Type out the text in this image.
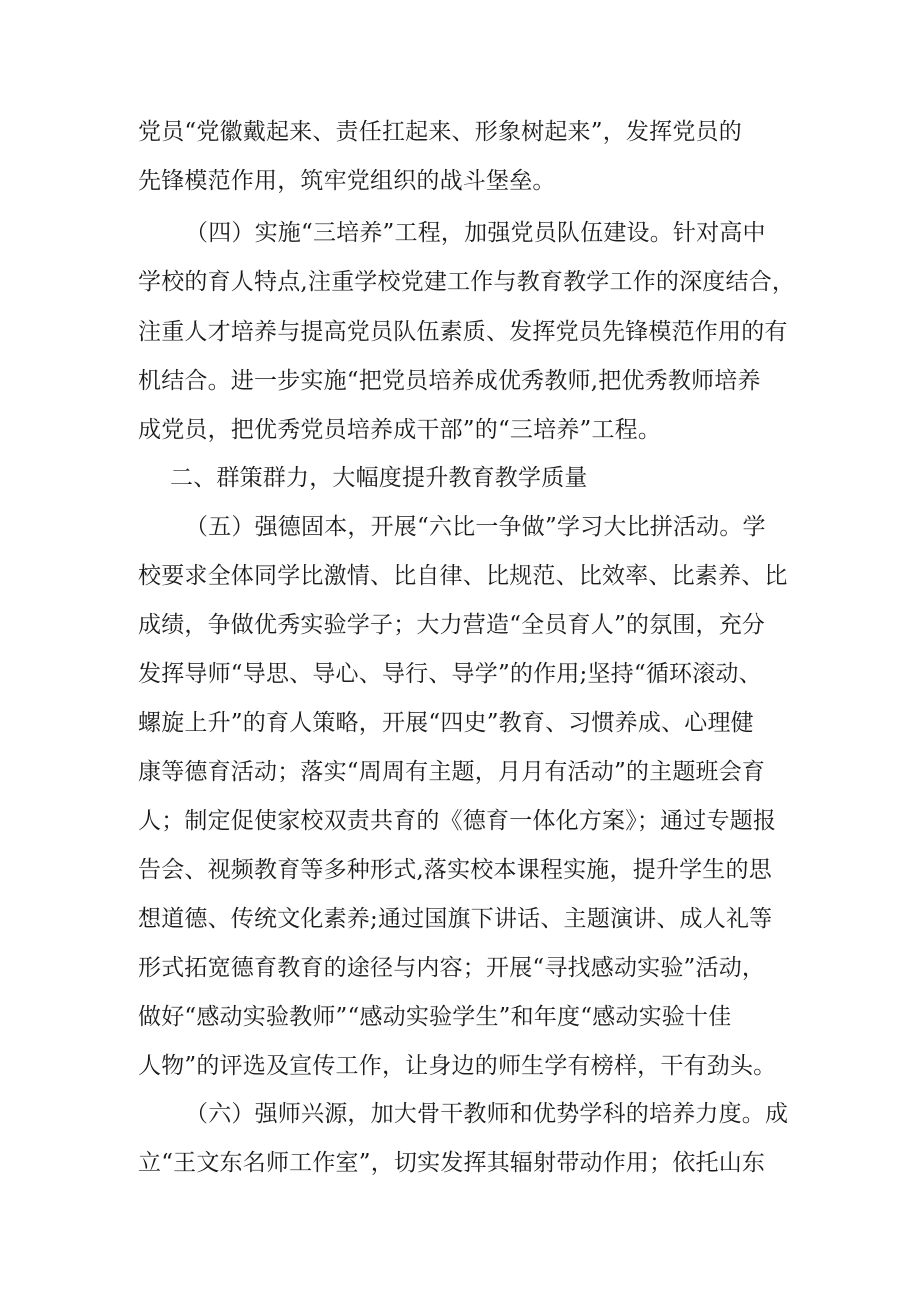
党员“党徽戴起来、责任扛起来、形象树起来”，发挥党员的

先锋模范作用，筑牢党组织的战斗堡垒。

（四）实施“三培养”工程，加强党员队伍建设。针对高中

学校的育人特点,注重学校党建工作与教育教学工作的深度结合，

注重人才培养与提高党员队伍素质、发挥党员先锋模范作用的有

机结合。进一步实施“把党员培养成优秀教师,把优秀教师培养

成党员，把优秀党员培养成干部”的“三培养”工程。

二、群策群力，大幅度提升教育教学质量

（五）强德固本，开展“六比一争做”学习大比拼活动。学

校要求全体同学比激情、比自律、比规范、比效率、比素养、比

成绩，争做优秀实验学子；大力营造“全员育人”的氛围，充分

发挥导师“导思、导心、导行、导学”的作用;坚持“循环滚动、

螺旋上升”的育人策略，开展“四史”教育、习惯养成、心理健

康等德育活动；落实“周周有主题，月月有活动”的主题班会育

人；制定促使家校双责共育的《德育一体化方案》；通过专题报

告会、视频教育等多种形式,落实校本课程实施，提升学生的思

想道德、传统文化素养;通过国旗下讲话、主题演讲、成人礼等

形式拓宽德育教育的途径与内容；开展“寻找感动实验”活动，

做好“感动实验教师”“感动实验学生”和年度“感动实验十佳

人物”的评选及宣传工作，让身边的师生学有榜样，干有劲头。

（六）强师兴源，加大骨干教师和优势学科的培养力度。成

立“王文东名师工作室”，切实发挥其辐射带动作用；依托山东
